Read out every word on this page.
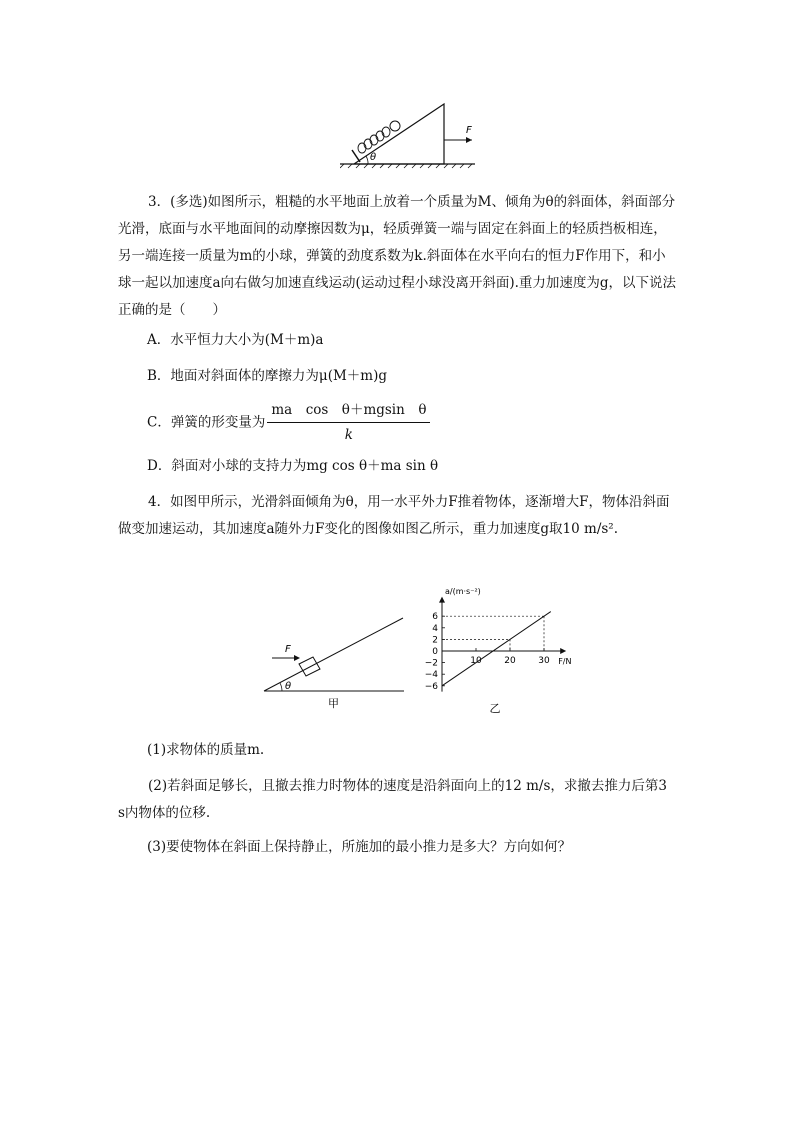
θ
F
3．(多选)如图所示，粗糙的水平地面上放着一个质量为M、倾角为θ的斜面体，斜面部分光滑，底面与水平地面间的动摩擦因数为μ，轻质弹簧一端与固定在斜面上的轻质挡板相连，另一端连接一质量为m的小球，弹簧的劲度系数为k.斜面体在水平向右的恒力F作用下，和小球一起以加速度a向右做匀加速直线运动(运动过程小球没离开斜面).重力加速度为g，以下说法正确的是（　　）
A．水平恒力大小为(M＋m)a
B．地面对斜面体的摩擦力为μ(M＋m)g
C．弹簧的形变量为 $\frac{\text{ma　cos　θ＋mgsin　θ}}{k}$
D．斜面对小球的支持力为mg cos θ＋ma sin θ
4．如图甲所示，光滑斜面倾角为θ，用一水平外力F推着物体，逐渐增大F，物体沿斜面做变加速运动，其加速度a随外力F变化的图像如图乙所示，重力加速度g取10 m/s².
F
θ
甲
a/(m·s⁻²)
F/N
6
4
2
0
−2
−4
−6
10	20	30
乙
(1)求物体的质量m.
(2)若斜面足够长，且撤去推力时物体的速度是沿斜面向上的12 m/s，求撤去推力后第3 s内物体的位移.
(3)要使物体在斜面上保持静止，所施加的最小推力是多大？方向如何？
